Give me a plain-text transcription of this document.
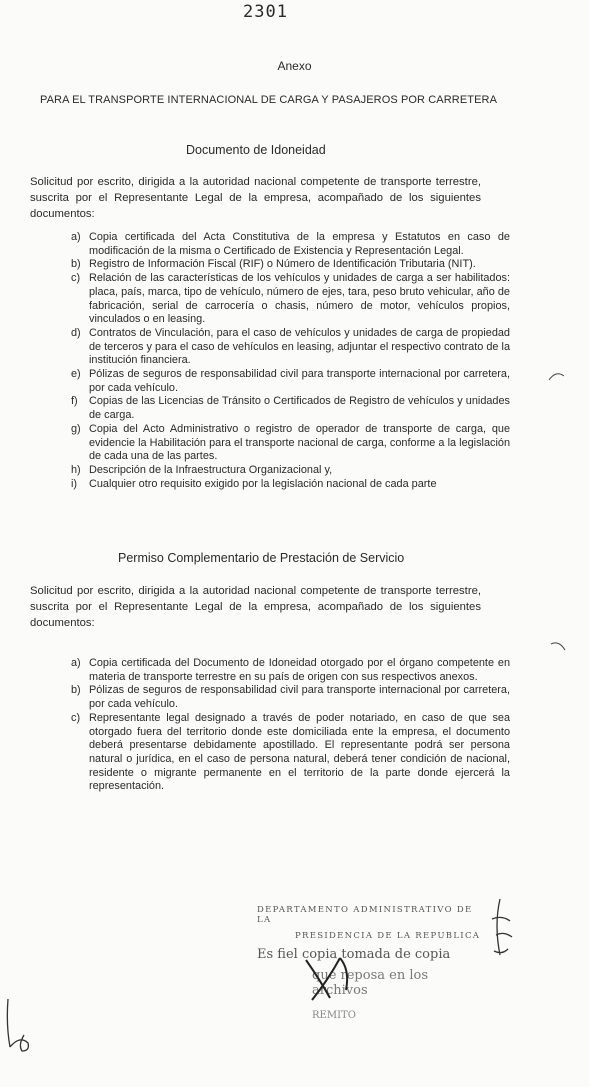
2301
Anexo
PARA EL TRANSPORTE INTERNACIONAL DE CARGA Y PASAJEROS POR CARRETERA
Documento de Idoneidad
Solicitud por escrito, dirigida a la autoridad nacional competente de transporte terrestre, suscrita por el Representante Legal de la empresa, acompañado de los siguientes documentos:
a) Copia certificada del Acta Constitutiva de la empresa y Estatutos en caso de modificación de la misma o Certificado de Existencia y Representación Legal.
b) Registro de Información Fiscal (RIF) o Número de Identificación Tributaria (NIT).
c) Relación de las características de los vehículos y unidades de carga a ser habilitados: placa, país, marca, tipo de vehículo, número de ejes, tara, peso bruto vehicular, año de fabricación, serial de carrocería o chasis, número de motor, vehículos propios, vinculados o en leasing.
d) Contratos de Vinculación, para el caso de vehículos y unidades de carga de propiedad de terceros y para el caso de vehículos en leasing, adjuntar el respectivo contrato de la institución financiera.
e) Pólizas de seguros de responsabilidad civil para transporte internacional por carretera, por cada vehículo.
f) Copias de las Licencias de Tránsito o Certificados de Registro de vehículos y unidades de carga.
g) Copia del Acto Administrativo o registro de operador de transporte de carga, que evidencie la Habilitación para el transporte nacional de carga, conforme a la legislación de cada una de las partes.
h) Descripción de la Infraestructura Organizacional y,
i) Cualquier otro requisito exigido por la legislación nacional de cada parte
Permiso Complementario de Prestación de Servicio
Solicitud por escrito, dirigida a la autoridad nacional competente de transporte terrestre, suscrita por el Representante Legal de la empresa, acompañado de los siguientes documentos:
a) Copia certificada del Documento de Idoneidad otorgado por el órgano competente en materia de transporte terrestre en su país de origen con sus respectivos anexos.
b) Pólizas de seguros de responsabilidad civil para transporte internacional por carretera, por cada vehículo.
c) Representante legal designado a través de poder notariado, en caso de que sea otorgado fuera del territorio donde este domiciliada ente la empresa, el documento deberá presentarse debidamente apostillado. El representante podrá ser persona natural o jurídica, en el caso de persona natural, deberá tener condición de nacional, residente o migrante permanente en el territorio de la parte donde ejercerá la representación.
DEPARTAMENTO ADMINISTRATIVO DE LA
PRESIDENCIA DE LA REPUBLICA
Es fiel copia tomada de copia
que reposa en los archivos
REMITO
